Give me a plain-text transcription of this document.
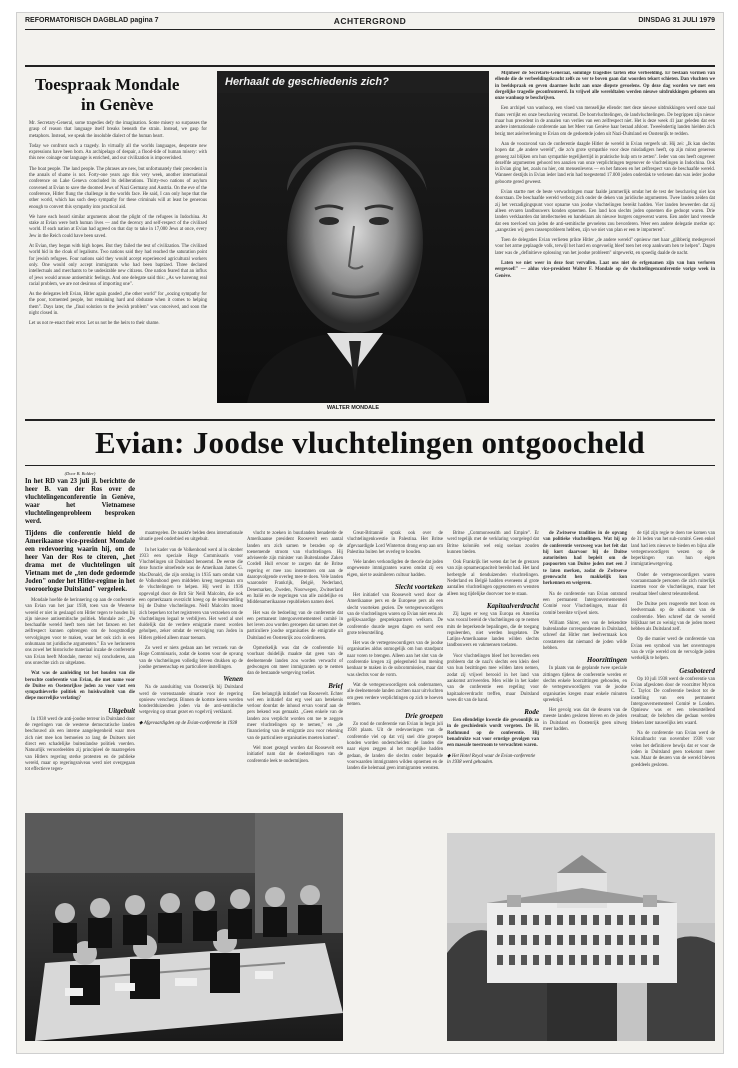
REFORMATORISCH DAGBLAD pagina 7	ACHTERGROND	DINSDAG 31 JULI 1979
Toespraak Mondale
in Genève

Mr. Secretary-General, some tragedies defy the imagination. Some misery so surpasses the grasp of reason that language itself breaks beneath the strain. Instead, we gasp for metaphors. Instead, we speak the insoluble dialect of the human heart.

Today we confront such a tragedy. In virtually all the worlds languages, desperate new expressions have been born. An archipelago of despair, a flood-tide of human misery: with this new coinage our language is enriched, and our civilization is impoverished.

The boat people. The land people. The phrases are new, but unfortunately their precedent in the annals of shame is not. Forty-one years ago this very week, another international conference on Lake Geneva concluded its deliberations. Thirty-two nations of asylum convened at Evian to save the doomed Jews of Nazi Germany and Austria. On the eve of the conference, Hitler flung the challenge in the worlds face. He said, I can only hope that the other world, which has such deep sympathy for these criminals will at least be generous enough to convert this sympathy into practical aid.

We have each heard similar arguments about the plight of the refugees in Indochina. At stake at Evian were both human lives — and the decency and self-respect of the civilized world. If each nation at Evian had agreed on that day to take in 17,000 Jews at once, every Jew in the Reich could have been saved.

At Evian, they began with high hopes. But they failed the test of civilization. The civilized world hid in the cloak of legalisms. Two nations said they had reached the saturation point for jewish refugees. Four nations said they would accept experienced agricultural workers only. One would only accept immigrants who had been baptized. Three declared intellectuals and merchants to be undesirable new citizens. One nation feared that an influx of jews would arouse antisemitic feelings. And one delegate said this: „As we havenng real racial problem, we are not desirous of importing one".

As the delegates left Evian, Hitler again goaded „the other world" for „oozing sympathy for the poor, tormented people, but remaining hard and obdurate when it comes to helping them". Days later, the „final solution to the jewish problem" was conceived, and soon the night closed in.

Let us not re-enact their error. Let us not be the heirs to their shame.

Herhaalt de geschiedenis zich?
WALTER MONDALE

Mijnheer de Secretaris-Generaal, sommige tragedies tarten elke verbeelding. Er bestaan vormen van ellende die de verbeeldingskracht zelfs zo ver te boven gaan dat woorden tekort schieten. Dan vluchten we in beeldspraak en geven daarmee lucht aan onze diepste gevoelens. Op deze dag worden we met een dergelijke tragedie geconfronteerd. In vrijwel alle wereldtalen werden nieuwe uitdrukkingen geboren om onze wanhoop te beschrijven.

Een archipel van wanhoop, een vloed van menselijke ellende: met deze nieuwe uitdrukkingen werd onze taal thans verrijkt en onze beschaving verarmd. De bootvluchtelingen, de landvluchtelingen. De begrippen zijn nieuw maar hun precedent in de annalen van verlies van een zelfrespect niet. Het is deze week 41 jaar geleden dat een andere internationale conferentie aan het Meer van Genève haar beraad afsloot. Tweeëndertig landen hielden zich bezig met asielverlening te Evian om de gedoemde joden uit Nazi-Duitsland en Oostenrijk te redden.

Aan de vooravond van de conferentie daagde Hitler de wereld in Evian vergeefs uit. Hij zei: „Ik kan slechts hopen dat „de andere wereld", die zo'n grote sympathie voor deze misdadigers heeft, op zijn minst genereus genoeg zal blijken om hun sympathie tegelijkertijd in praktische hulp om te zetten". Ieder van ons heeft ongeveer dezelfde argumenten gehoord ten aanzien van onze verplichtingen tegenover de vluchtelingen in Indochina. Ook in Evian ging het, zoals nu hier, om mensenlevens — en het fatsoen en het zelfrespect van de beschaafde wereld. Wanneer destijds in Evian ieder land erin had toegestemd 17.000 joden onderdak te verlenen dan was ieder joodse geboorte gered geweest.

Evian startte met de beste verwachtingen maar faalde jammerlijk omdat het de test der beschaving niet kon doorstaan. De beschaafde wereld verborg zich onder de deken van juridische argumenten. Twee landen zeiden dat zij het verzadigingspunt voor opname van joodse vluchtelingen bereikt hadden. Vier landen beweerden dat zij alleen ervaren landbouwers konden opnemen. Een land kon slechts joden opnemen die gedoopt waren. Drie landen verklaarden dat intellectuelen en handelaars als nieuwe burgers ongewenst waren. Een ander land vreesde dat een toevloed van joden de anti-semitische gevoelens zou bevorderen. Weer een andere delegatie merkte op: „aangezien wij geen rassenprobleem hebben, zijn we niet van plan er een te importeren".

Toen de delegaties Evian verlieten prikte Hitler „de andere wereld" opnieuw met haar „glibberig medegevoel voor het arme geplaagde volk, terwijl het hard en ongevoelig bleef toen het erop aankwam hen te helpen". Dagen later was de „definitieve oplossing van het joodse probleem" uitgewerkt, en spoedig daalde de nacht.

Laten we niet weer in deze fout vervallen. Laat ons niet de erfgenamen zijn van hun verloren eergevoel!" — aldus vice-president Walter F. Mondale op de vluchtelingenconferentie vorige week in Genève.

Evian: Joodse vluchtelingen ontgoocheld
(Door B. Bolder)
In het RD van 23 juli jl. berichtte de heer B. van der Ros over de vluchtelingenconferentie in Genève, waar het Vietnamese vluchtelingenprobleem besproken werd.
Tijdens die conferentie hield de Amerikaanse vice-president Mondale een redevoering waarin hij, om de heer Van der Ros te citeren, „het drama met de vluchtelingen uit Vietnam met de „ten dode gedoemde Joden" onder het Hitler-regime in het vooroorlogse Duitsland" vergeleek.

Mondale hoefde de herinnering op aan de conferentie van Evian van het jaar 1938, toen van de Westerse wereld er niet in geslaagd om Hitler tegen te houden bij zijn nieuwe antisemitische politiek. Mondale zei: „De beschaafde wereld heeft toen niet het fatsoen en het zelfrespect kunnen opbrengen om de hoogstnodige vervolgingen voor te maken, waar het ook zich in een onhumaan tot juridische argumenten." En we herinneren ons zowel het historische materiaal inzake de conferentie van Evian heeft Mondale, mentor wij concluderen, aan ons onrechte zich zo uitgelaten.

Wat was de aanleiding tot het houden van die beruchte conferentie van Evian, die met name voor de Duitse en Oostenrijkse joden zo voor vast een sympathieverlie politiek en huiskwaliteit van die diepe morrelijke verlating?

Uitgebuit

In 1938 werd de anti-joodse terreur in Duitsland door de regeringen van de westerse democratische landen beschouwd als een interne aangelegenheid waar men zich niet mee kon bemoeien zo lang de Duitsers niet direct een schadelijke buitenlandse politiek voerden. Natuurlijk veroordeelden zij principieel de maatregelen van Hitlers regering sterke protesten en de publieke wereld, maar op regeringsniveau werd niet overgegaan tot effectieve tegen-

maatregelen. De naakt'e belden dens internationale situatie geed onderbied en uitgebuit.

In het kader van de Volkenbond werd al in oktober 1933 een speciale Hoge Commissaris voor Vluchtelingen uit Duitsland benoemd. De eerste die deze functie uitoefende was de Amerikaan James G. MacDonald, die zijn ontslag in 1935 nam omdat van de Volkenbond geen middelen kreeg toegestaan om de vluchtelingen te helpen. Hij werd in 1936 opgevolgd door de Brit Sir Neill Malcolm, die ook een opmerkzaam overzicht kreeg op de teleurstelling bij de Duitse vluchtelingen. Neill Malcolm moest zich beperken tot het registreren van verzoeken om de vluchtelingen legaal te verblijven. Het werd al snel duidelijk dat de verdere emigratie moest worden geholpen, zeker omdat de vervolging van Joden in Hitlers gebied alleen maar toenam.

Zo werd er niets gedaan aan het verzoek van de Hoge Commissaris, zodat de kosten voor de opvang van de vluchtelingen volledig bleven drukken op de joodse gemeenschap en particuliere instellingen.

Wenen

Na de aansluiting van Oostenrijk bij Duitsland werd de vorenstaande situatie voor de regering opnieuw verscherpt. Binnen de kortste keren werden honderdduizenden joden via de anti-semitische wetgeving op straat gezet en vogelvrij verklaard.

◆ Afgevaardigden op de Evian-conferentie in 1938

vlucht te zoeken in buurlanden benaderde de Amerikaanse president Roosevelt een aantal landen om zich samen te beraden op de toenemende stroom van vluchtelingen. Hij adviseerde zijn minister van Buitenlandse Zaken Cordell Hull ervoor te zorgen dat de Britse regering er mee zou instemmen om aan de daaropvolgende overleg mee te doen. Vele landen waaronder Frankrijk, België, Nederland, Denemarken, Zweden, Noorwegen, Zwitserland en Italië en de regeringen van alle zuidelijke en Middenamerikaanse republieken namen deel.

Het was de bedoeling van de conferentie dat een permanent intergouvernementeel comité in het leven zou worden geroepen dat samen met de particuliere joodse organisaties de emigratie uit Duitsland en Oostenrijk zou coördineren.

Opmerkelijk was dat de conferentie bij voorbaat duidelijk maakte dat geen van de deelnemende landen zou worden verwacht of gedwongen om meer immigranten op te nemen dan de bestaande wetgeving toeliet.

Brief

Een belangrijk initiatief van Roosevelt. Echter wel een initiatief dat erg veel aan betekenis verloor doordat de inhoud ervan vooraf aan de pers bekend was gemaakt. „Geen enkele van de landen zou verplicht worden om toe te zeggen meer vluchtelingen op te nemen," en „de financiering van de emigratie zou voor rekening van de particuliere organisaties moeten komen".

Wel moet gezegd worden dat Roosevelt een initiatief nam dat de doelstellingen van de conferentie leek te ondermijnen.

Great-Britannië sprak ook over de vluchtelingenkwestie in Palestina. Het Britse afgevaardigde Lord Winterton drong erop aan om Palestina buiten het overleg te houden.

Vele landen verkondigden de theorie dat joden ongewenste immigranten waren omdat zij een eigen, niet te assimileren cultuur hadden.

Slecht voorteken

Het initiatief van Roosevelt werd door de Amerikaanse pers en de Europese pers als een slecht voorteken gezien. De vertegenwoordigers van de vluchtelingen waren op Evian niet eens als gelijkwaardige gesprekspartners welkom. De conferentie duurde negen dagen en werd een grote teleurstelling.

Het was de vertegenwoordigers van de joodse organisaties aldus onmogelijk om hun standpunt naar voren te brengen. Alleen aan het slot van de conferentie kregen zij gelegenheid hun mening kenbaar te maken in de subcommissies, maar dat was slechts voor de vorm.

Wat de vertegenwoordigers ook ondernamen, alle deelnemende landen zochten naar uitvluchten om geen verdere verplichtingen op zich te hoeven nemen.

Drie groepen

Zo rond de conferentie van Evian in begin juli 1938 plaats. Uit de redevoeringen van de conferentie viel op dat vrij snel drie groepen konden worden onderscheiden: de landen die naar eigen zeggen al het mogelijke hadden gedaan, de landen die slechts onder bepaalde voorwaarden immigranten wilden opnemen en de landen die helemaal geen immigranten wensten.

Britse „Commonwealth and Empire". Er werd tegelijk met de verklaring voorgelegd dat Britse koloniën wel enig soelaas zouden kunnen bieden.

Ook Frankrijk liet weten dat het de grenzen van zijn opnamecapaciteit bereikt had. Het land herbergde al tienduizenden vluchtelingen. Nederland en België hadden eveneens al grote aantallen vluchtelingen opgenomen en wensten alleen nog tijdelijke doorvoer toe te staan.

Kapitaalverdracht

Zij lagen er weg van Europa en Amerika was vooral bereid de vluchtelingen op te nemen mits de beperkende bepalingen, die de toegang reguleerden, niet werden losgelaten. De Latijns-Amerikaanse landen wilden slechts landbouwers en vakmensen toelaten.

Voor vluchtelingen bleef het bovendien een probleem dat de nazi's slechts een klein deel van hun bezittingen mee wilden laten nemen, zodat zij vrijwel berooid in het land van aankomst arriveerden. Men wilde in het kader van de conferentie een regeling voor kapitaaloverdracht treffen, maar Duitsland wees dit van de hand.

Rode

Een ellendelige kwestie die gewoonlijk zo in de geschiedenis wordt vergeten. De H. Rothmund op de conferentie. Hij benadrukte wat voor ernstige gevolgen van een massale toestroom te verwachten waren.

◆ Het Hotel Royal waar de Evian-conferentie in 1938 werd gehouden.

de Zwitserse tradities in de opvang van politieke vluchtelingen. Wat hij op de conferentie verzweeg was het feit dat hij kort daarvoor bij de Duitse autoriteiten had bepleit om de paspoorten van Duitse joden met een J te laten merken, zodat de Zwitserse grenswacht hen makkelijk kon herkennen en weigeren.

Na de conferentie van Evian ontstond een permanent Intergouvernementeel Comité voor Vluchtelingen, maar dit comité bereikte vrijwel niets.

William Shirer, een van de bekendste buitenlandse correspondenten in Duitsland, schreef dat Hitler met leedvermaak kon constateren dat niemand de joden wilde hebben.

Hoorzittingen

In plaats van de geplande twee speciale zittingen tijdens de conferentie werden er slechts enkele hoorzittingen gehouden, en de vertegenwoordigers van de joodse organisaties kregen maar enkele minuten spreektijd.

Het gevolg was dat de deuren van de meeste landen gesloten bleven en de joden in Duitsland en Oostenrijk geen uitweg meer hadden.

de tijd zijn regie te doen toe komen van de 31 leden van het sub-comité. Geen enkel land had iets nieuws te bieden en bijna alle vertegenwoordigers wezen op de beperkingen van hun eigen immigratiewetgeving.

Onder de vertegenwoordigers waren vooraanstaande personen die zich ruiterlijk inzetten voor de vluchtelingen, maar het resultaat bleef uiterst teleurstellend.

De Duitse pers reageerde met hoon en leedvermaak op de uitkomst van de conferentie. Men schreef dat de wereld blijkbaar net zo weinig van de joden moest hebben als Duitsland zelf.

Op die manier werd de conferentie van Evian een symbool van het onvermogen van de vrije wereld om de vervolgde joden werkelijk te helpen.

Gesaboteerd

Op 10 juli 1938 werd de conferentie van Evian afgesloten door de voorzitter Myron C. Taylor. De conferentie besloot tot de instelling van een permanent Intergouvernementeel Comité te Londen. Opnieuw was er een teleurstellend resultaat; de beloften die gedaan werden bleken later nauwelijks iets waard.

Na de conferentie van Evian werd de Kristallnacht van november 1938 voor velen het definitieve bewijs dat er voor de joden in Duitsland geen toekomst meer was. Maar de deuren van de wereld bleven goeddeels gesloten.
